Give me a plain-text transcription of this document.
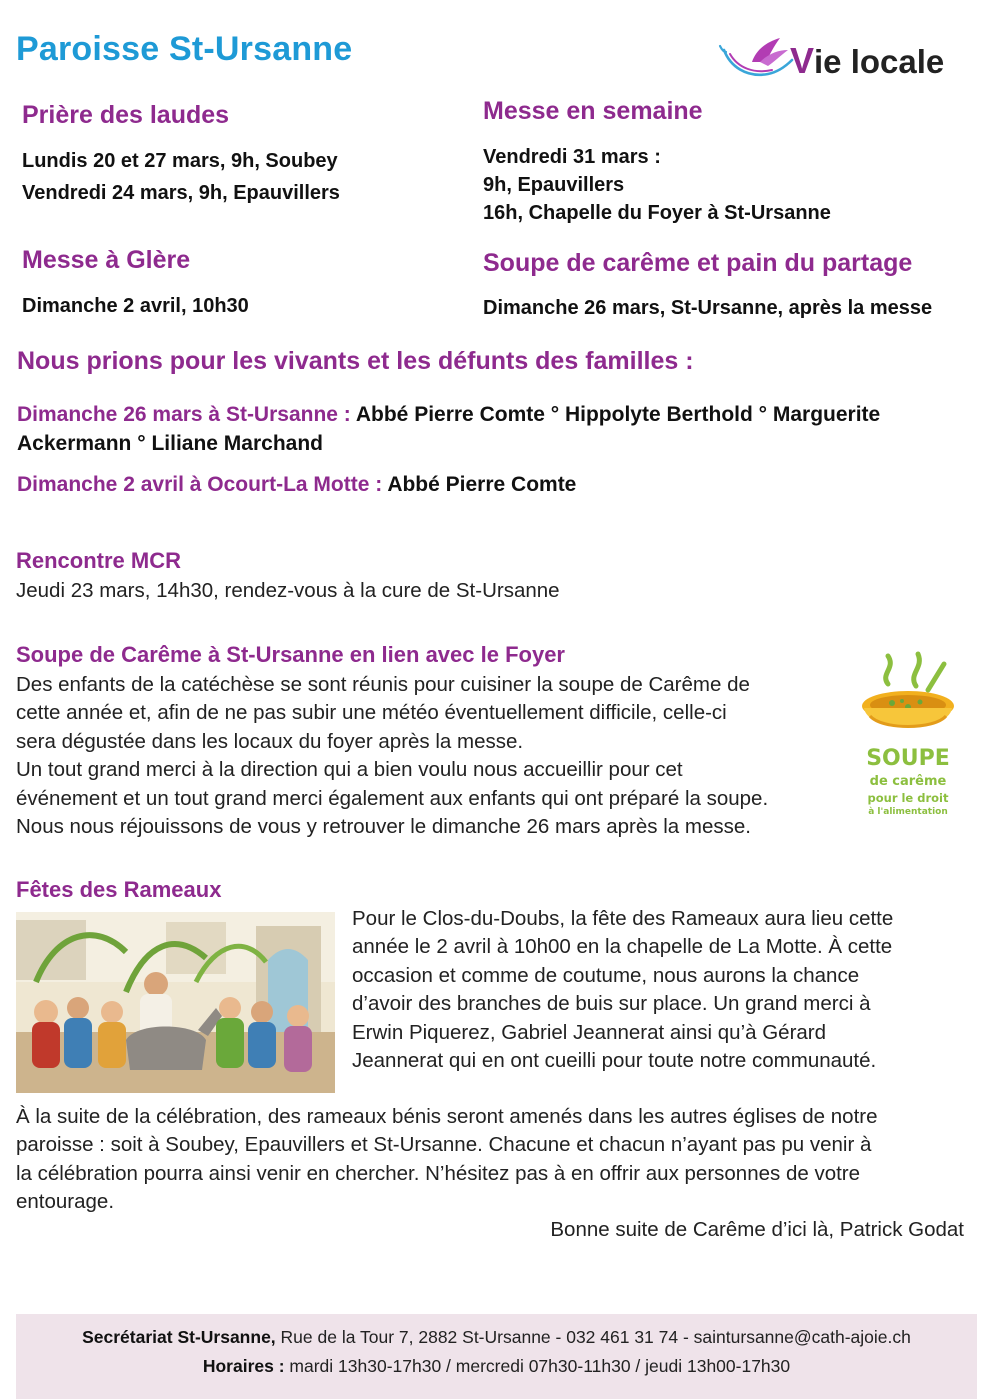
Paroisse St-Ursanne	Vie locale
Prière des laudes
Lundis 20 et 27 mars, 9h, Soubey
Vendredi 24 mars, 9h, Epauvillers
Messe à Glère
Dimanche 2 avril, 10h30
Messe en semaine
Vendredi 31 mars :
9h, Epauvillers
16h, Chapelle du Foyer à St-Ursanne
Soupe de carême et pain du partage
Dimanche 26 mars, St-Ursanne, après la messe
Nous prions pour les vivants et les défunts des familles :
Dimanche 26 mars à St-Ursanne : Abbé Pierre Comte ° Hippolyte Berthold ° Marguerite
Ackermann ° Liliane Marchand
Dimanche 2 avril à Ocourt-La Motte : Abbé Pierre Comte
Rencontre MCR
Jeudi 23 mars, 14h30, rendez-vous à la cure de St-Ursanne
Soupe de Carême à St-Ursanne en lien avec le Foyer
Des enfants de la catéchèse se sont réunis pour cuisiner la soupe de Carême de
cette année et, afin de ne pas subir une météo éventuellement difficile, celle-ci
sera dégustée dans les locaux du foyer après la messe.
Un tout grand merci à la direction qui a bien voulu nous accueillir pour cet
événement et un tout grand merci également aux enfants qui ont préparé la soupe.
Nous nous réjouissons de vous y retrouver le dimanche 26 mars après la messe.
SOUPE
de carême
pour le droit
à l'alimentation
Fêtes des Rameaux
Pour le Clos-du-Doubs, la fête des Rameaux aura lieu cette
année le 2 avril à 10h00 en la chapelle de La Motte. À cette
occasion et comme de coutume, nous aurons la chance
d’avoir des branches de buis sur place. Un grand merci à
Erwin Piquerez, Gabriel Jeannerat ainsi qu’à Gérard
Jeannerat qui en ont cueilli pour toute notre communauté.
À la suite de la célébration, des rameaux bénis seront amenés dans les autres églises de notre
paroisse : soit à Soubey, Epauvillers et St-Ursanne. Chacune et chacun n’ayant pas pu venir à
la célébration pourra ainsi venir en chercher. N’hésitez pas à en offrir aux personnes de votre
entourage.
Bonne suite de Carême d’ici là, Patrick Godat
Secrétariat St-Ursanne, Rue de la Tour 7, 2882 St-Ursanne - 032 461 31 74 - saintursanne@cath-ajoie.ch
Horaires : mardi 13h30-17h30 / mercredi 07h30-11h30 / jeudi 13h00-17h30
